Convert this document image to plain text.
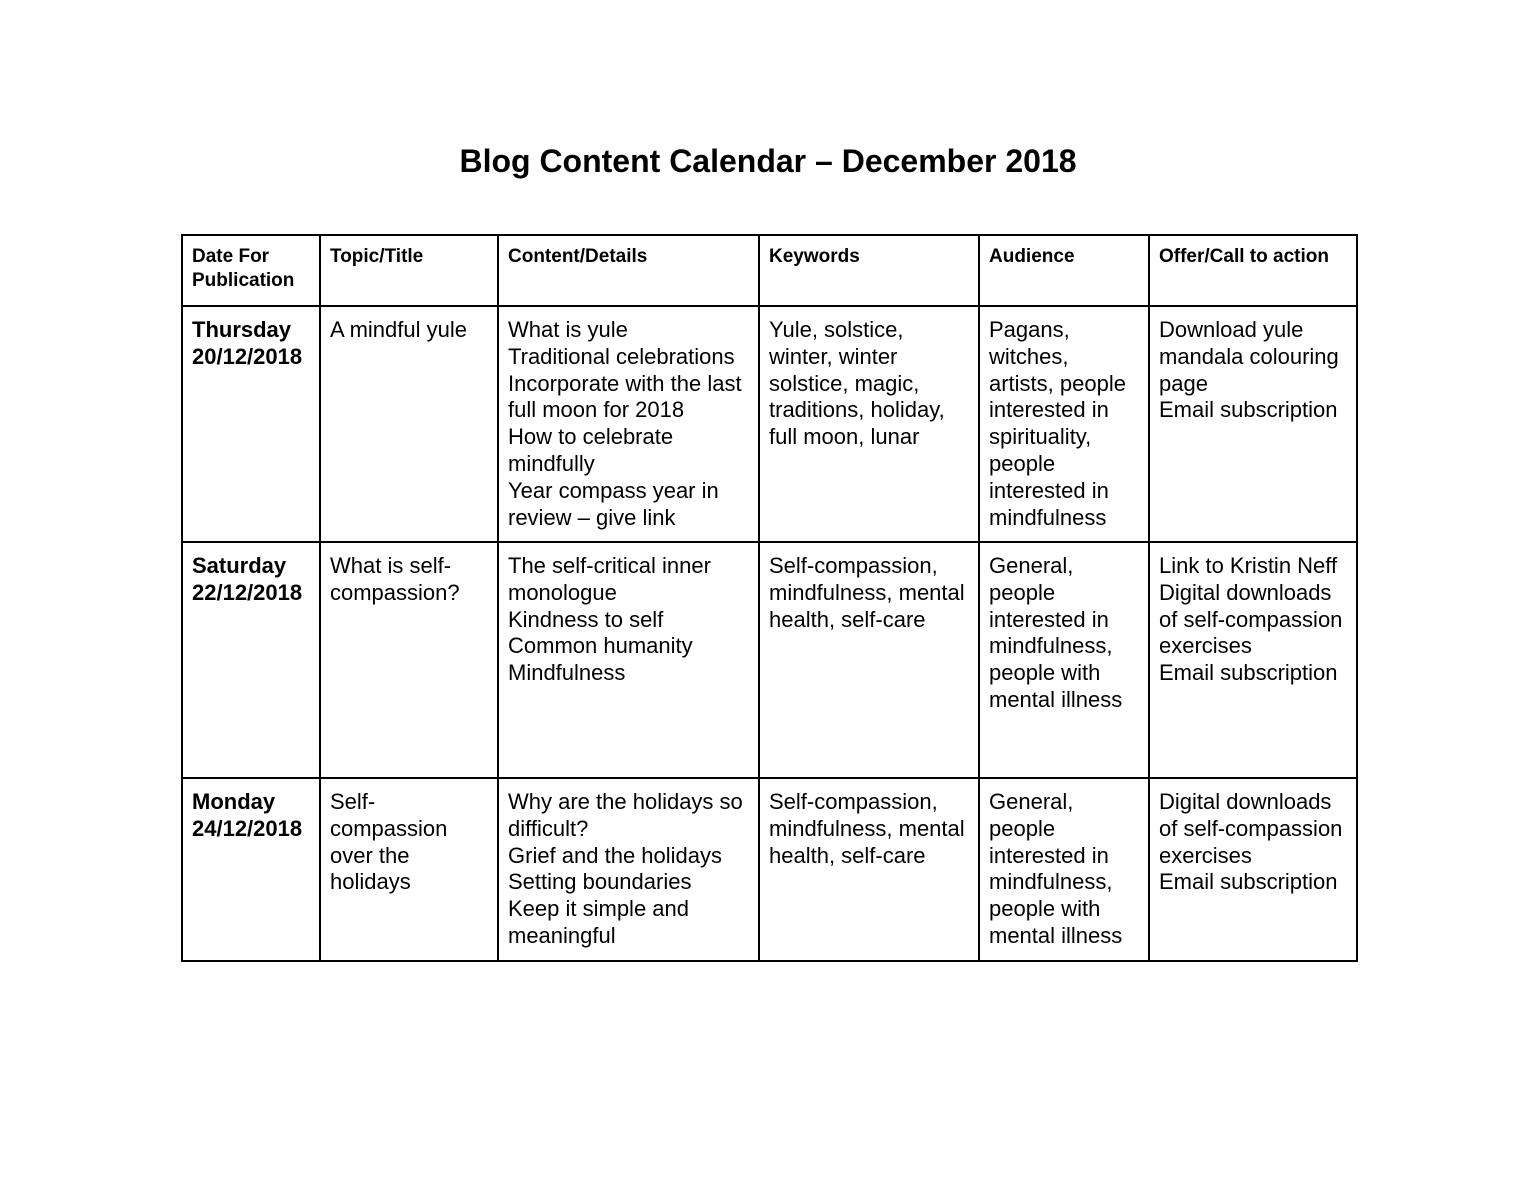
Blog Content Calendar – December 2018
Date For Publication	Topic/Title	Content/Details	Keywords	Audience	Offer/Call to action

Thursday
20/12/2018	A mindful yule	What is yule
Traditional celebrations
Incorporate with the last full moon for 2018
How to celebrate mindfully
Year compass year in review – give link	Yule, solstice, winter, winter solstice, magic, traditions, holiday, full moon, lunar	Pagans, witches, artists, people interested in spirituality, people interested in mindfulness	Download yule mandala colouring page
Email subscription

Saturday
22/12/2018	What is self-compassion?	The self-critical inner monologue
Kindness to self
Common humanity
Mindfulness	Self-compassion, mindfulness, mental health, self-care	General, people interested in mindfulness, people with mental illness	Link to Kristin Neff
Digital downloads of self-compassion exercises
Email subscription

Monday
24/12/2018	Self-compassion over the holidays	Why are the holidays so difficult?
Grief and the holidays
Setting boundaries
Keep it simple and meaningful	Self-compassion, mindfulness, mental health, self-care	General, people interested in mindfulness, people with mental illness	Digital downloads of self-compassion exercises
Email subscription
